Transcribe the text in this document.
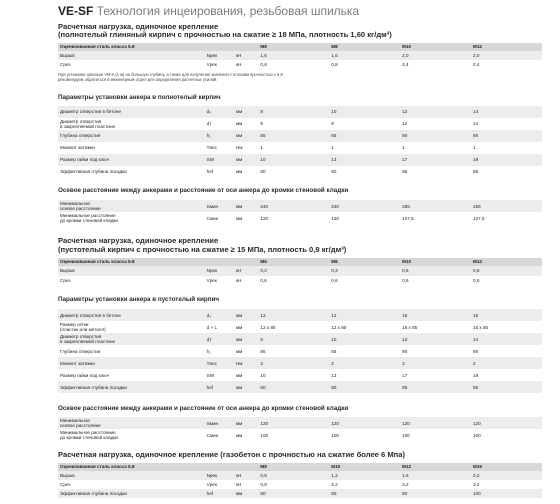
VE-SF Технология инцеирования, резьбовая шпилька
Расчетная нагрузка, одиночное крепление
(полнотелый глиняный кирпич с прочностью на сжатие ≥ 18 МПа, плотность 1,60 кг/дм³)
Оценизованная сталь класса 5.8			M8	M8	M10	M12
Вырыв	Nрек	кН	1,6	1,6	2,0	2,0
Срез	Vрек	кН	0,8	0,8	2,4	2,4
При установке шпильки VM-A (1 м) на большую глубину, а также для получения значения с плоским прочностью ≥ 5,8
рекомендуем обратиться в инженерный отдел для определения расчетных усилий.
Параметры установки анкера в полнотелый кирпич
Диаметр отверстия в бетоне	d₀	мм	8	10	12	14
Диаметр отверстия
в закрепляемой пластине	dƒ	мм	9	9	12	14
Глубина отверстия	h₁	мм	85	85	90	90
Момент затяжки	Tинс	Нм	1	1	1	1
Размер гайки под ключ	SW	мм	10	13	17	19
Эффективная глубина посадки	hеf	мм	80	80	85	85
Осевое расстояние между анкерами и расстояние от оси анкера до кромки стеновой кладки
Минимальное
осевое расстояние	Sмин	мм	240	240	255	255
Минимальное расстояние
до кромки стеновой кладки	Cмин	мм	120	120	127,5	127,5
Расчетная нагрузка, одиночное крепление
(пустотелый кирпич с прочностью на сжатие ≥ 15 МПа, плотность 0,9 кг/дм³)
Оценизованная сталь класса 5.8			M6	M8	M10	M12
Вырыв	Nрек	кН	0,3	0,3	0,6	0,6
Срез	Vрек	кН	0,6	0,6	0,6	0,6
Параметры установки анкера в пустотелый кирпич
Диаметр отверстия в бетоне	d₀	мм	12	12	16	16
Размер сетки
(пластик или металл)	d × L	мм	12 x 80	12 x 80	16 x 85	16 x 85
Диаметр отверстия
в закрепляемой пластине	dƒ	мм	8	10	12	14
Глубина отверстия	h₁	мм	85	85	90	90
Момент затяжки	Tинс	Нм	2	2	2	2
Размер гайки под ключ	SW	мм	10	13	17	19
Эффективная глубина посадки	hеf	мм	80	80	85	85
Осевое расстояние между анкерами и расстояние от оси анкера до кромки стеновой кладки
Минимальное
осевое расстояние	Sмин	мм	120	120	120	120
Минимальное расстояние
до кромки стеновой кладки	Cмин	мм	100	100	100	100
Расчетная нагрузка, одиночное крепление (газобетон с прочностью на сжатие более 6 Мпа)
Оценизованная сталь класса 5.8			M8	M10	M12	M16
Вырыв	Nрек	кН	0,8	1,2	1,6	2,2
Срез	Vрек	кН	0,9	3,2	3,2	3,2
Эффективная глубина посадки	hеf	мм	80	80	80	100
